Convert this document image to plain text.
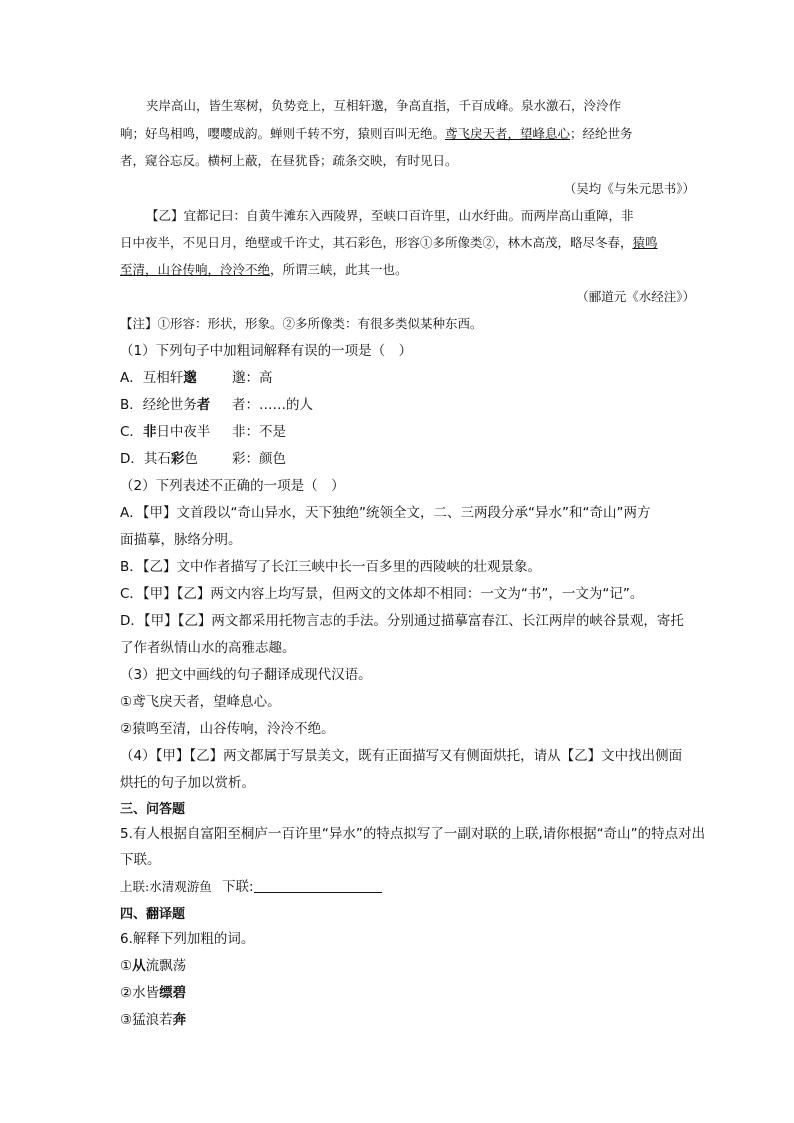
夹岸高山，皆生寒树，负势竞上，互相轩邈，争高直指，千百成峰。泉水激石，泠泠作
响；好鸟相鸣，嘤嘤成韵。蝉则千转不穷，猿则百叫无绝。鸢飞戾天者，望峰息心；经纶世务
者，窥谷忘反。横柯上蔽，在昼犹昏；疏条交映，有时见日。
（吴均《与朱元思书》）
【乙】宜都记曰：自黄牛滩东入西陵界，至峡口百许里，山水纡曲。而两岸高山重障，非
日中夜半，不见日月，绝壁或千许丈，其石彩色，形容①多所像类②，林木高茂，略尽冬春，猿鸣
至清，山谷传响，泠泠不绝，所谓三峡，此其一也。
（郦道元《水经注》）
【注】①形容：形状，形象。②多所像类：有很多类似某种东西。
（1）下列句子中加粗词解释有误的一项是（　）
A．互相轩邈	邈：高
B．经纶世务者 者：……的人
C．非日中夜半 非：不是
D．其石彩色	彩：颜色
（2）下列表述不正确的一项是（　）
A．【甲】文首段以“奇山异水，天下独绝”统领全文，二、三两段分承“异水”和“奇山”两方
面描摹，脉络分明。
B．【乙】文中作者描写了长江三峡中长一百多里的西陵峡的壮观景象。
C．【甲】【乙】两文内容上均写景，但两文的文体却不相同：一文为“书”，一文为“记”。
D．【甲】【乙】两文都采用托物言志的手法。分别通过描摹富春江、长江两岸的峡谷景观，寄托
了作者纵情山水的高雅志趣。
（3）把文中画线的句子翻译成现代汉语。
①鸢飞戾天者，望峰息心。
②猿鸣至清，山谷传响，泠泠不绝。
（4）【甲】【乙】两文都属于写景美文，既有正面描写又有侧面烘托，请从【乙】文中找出侧面
烘托的句子加以赏析。
三、问答题
5.有人根据自富阳至桐庐一百许里“异水”的特点拟写了一副对联的上联,请你根据“奇山”的特点对出
下联。
上联:水清观游鱼 下联:
四、翻译题
6.解释下列加粗的词。
①从流飘荡
②水皆缥碧
③猛浪若奔
